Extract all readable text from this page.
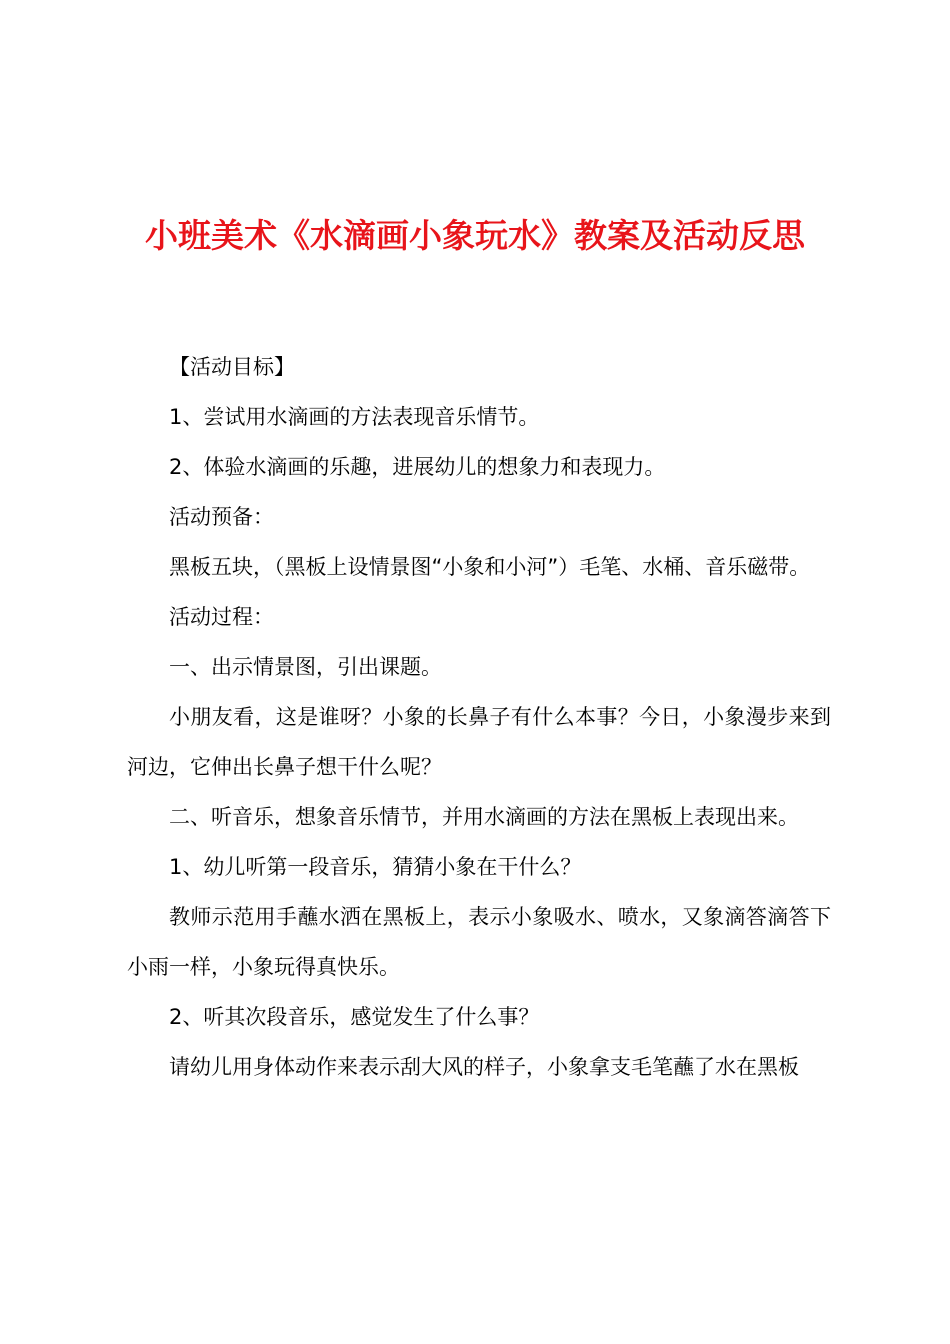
小班美术《水滴画小象玩水》教案及活动反思

【活动目标】

1、尝试用水滴画的方法表现音乐情节。

2、体验水滴画的乐趣，进展幼儿的想象力和表现力。

活动预备：

黑板五块，（黑板上设情景图“小象和小河”）毛笔、水桶、音乐磁带。

活动过程：

一、出示情景图，引出课题。

小朋友看，这是谁呀？小象的长鼻子有什么本事？今日，小象漫步来到河边，它伸出长鼻子想干什么呢？

二、听音乐，想象音乐情节，并用水滴画的方法在黑板上表现出来。

1、幼儿听第一段音乐，猜猜小象在干什么？

教师示范用手蘸水洒在黑板上，表示小象吸水、喷水，又象滴答滴答下小雨一样，小象玩得真快乐。

2、听其次段音乐，感觉发生了什么事？

请幼儿用身体动作来表示刮大风的样子，小象拿支毛笔蘸了水在黑板
